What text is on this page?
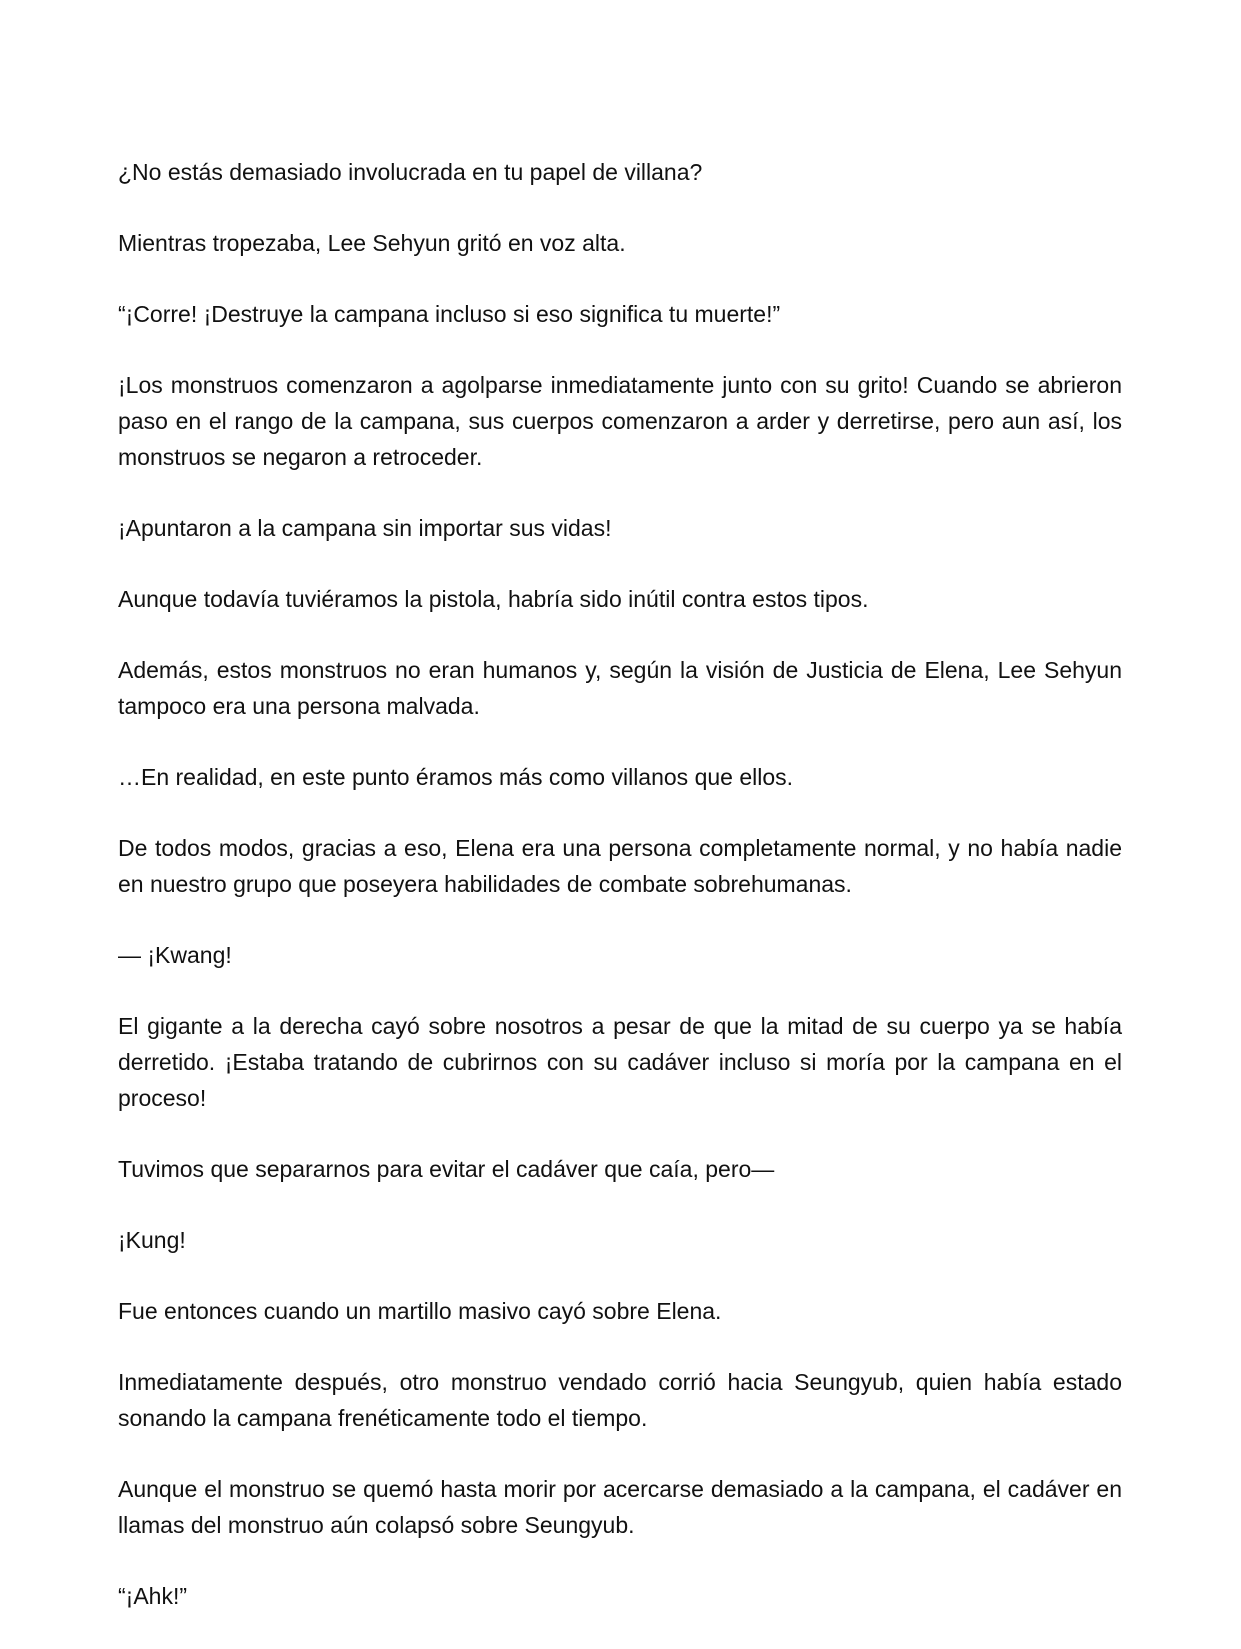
¿No estás demasiado involucrada en tu papel de villana?

Mientras tropezaba, Lee Sehyun gritó en voz alta.

“¡Corre! ¡Destruye la campana incluso si eso significa tu muerte!”

¡Los monstruos comenzaron a agolparse inmediatamente junto con su grito! Cuando se abrieron paso en el rango de la campana, sus cuerpos comenzaron a arder y derretirse, pero aun así, los monstruos se negaron a retroceder.

¡Apuntaron a la campana sin importar sus vidas!

Aunque todavía tuviéramos la pistola, habría sido inútil contra estos tipos.

Además, estos monstruos no eran humanos y, según la visión de Justicia de Elena, Lee Sehyun tampoco era una persona malvada.

…En realidad, en este punto éramos más como villanos que ellos.

De todos modos, gracias a eso, Elena era una persona completamente normal, y no había nadie en nuestro grupo que poseyera habilidades de combate sobrehumanas.

— ¡Kwang!

El gigante a la derecha cayó sobre nosotros a pesar de que la mitad de su cuerpo ya se había derretido. ¡Estaba tratando de cubrirnos con su cadáver incluso si moría por la campana en el proceso!

Tuvimos que separarnos para evitar el cadáver que caía, pero—

¡Kung!

Fue entonces cuando un martillo masivo cayó sobre Elena.

Inmediatamente después, otro monstruo vendado corrió hacia Seungyub, quien había estado sonando la campana frenéticamente todo el tiempo.

Aunque el monstruo se quemó hasta morir por acercarse demasiado a la campana, el cadáver en llamas del monstruo aún colapsó sobre Seungyub.

“¡Ahk!”
